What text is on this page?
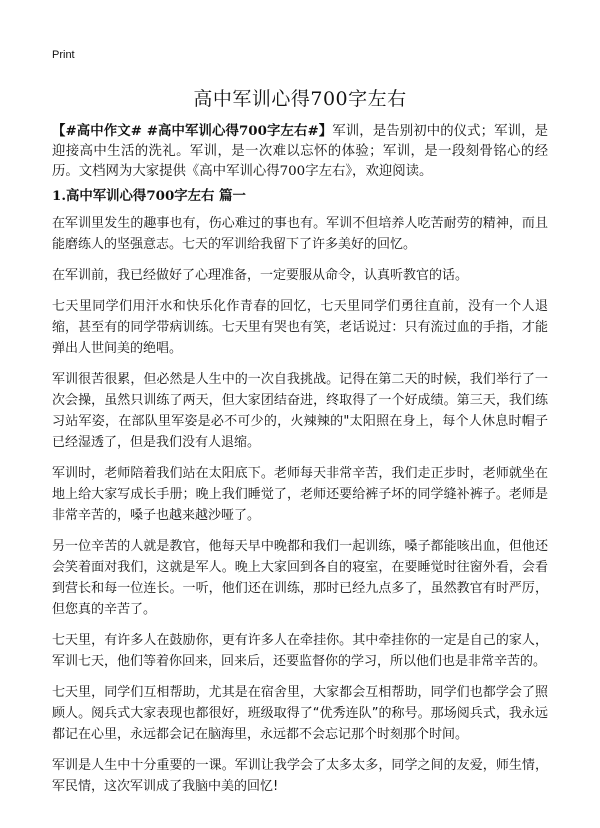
Print
高中军训心得700字左右

【#高中作文# #高中军训心得700字左右#】军训，是告别初中的仪式；军训，是迎接高中生活的洗礼。军训，是一次难以忘怀的体验；军训，是一段刻骨铭心的经历。文档网为大家提供《高中军训心得700字左右》，欢迎阅读。

1.高中军训心得700字左右 篇一

在军训里发生的趣事也有，伤心难过的事也有。军训不但培养人吃苦耐劳的精神，而且能磨练人的坚强意志。七天的军训给我留下了许多美好的回忆。

在军训前，我已经做好了心理准备，一定要服从命令，认真听教官的话。

七天里同学们用汗水和快乐化作青春的回忆，七天里同学们勇往直前，没有一个人退缩，甚至有的同学带病训练。七天里有哭也有笑，老话说过：只有流过血的手指，才能弹出人世间美的绝唱。

军训很苦很累，但必然是人生中的一次自我挑战。记得在第二天的时候，我们举行了一次会操，虽然只训练了两天，但大家团结奋进，终取得了一个好成绩。第三天，我们练习站军姿，在部队里军姿是必不可少的，火辣辣的"太阳照在身上，每个人休息时帽子已经湿透了，但是我们没有人退缩。

军训时，老师陪着我们站在太阳底下。老师每天非常辛苦，我们走正步时，老师就坐在地上给大家写成长手册；晚上我们睡觉了，老师还要给裤子坏的同学缝补裤子。老师是非常辛苦的，嗓子也越来越沙哑了。

另一位辛苦的人就是教官，他每天早中晚都和我们一起训练，嗓子都能咳出血，但他还会笑着面对我们，这就是军人。晚上大家回到各自的寝室，在要睡觉时往窗外看，会看到营长和每一位连长。一听，他们还在训练，那时已经九点多了，虽然教官有时严厉，但您真的辛苦了。

七天里，有许多人在鼓励你，更有许多人在牵挂你。其中牵挂你的一定是自己的家人，军训七天，他们等着你回来，回来后，还要监督你的学习，所以他们也是非常辛苦的。

七天里，同学们互相帮助，尤其是在宿舍里，大家都会互相帮助，同学们也都学会了照顾人。阅兵式大家表现也都很好，班级取得了“优秀连队”的称号。那场阅兵式，我永远都记在心里，永远都会记在脑海里，永远都不会忘记那个时刻那个时间。

军训是人生中十分重要的一课。军训让我学会了太多太多，同学之间的友爱，师生情，军民情，这次军训成了我脑中美的回忆!
